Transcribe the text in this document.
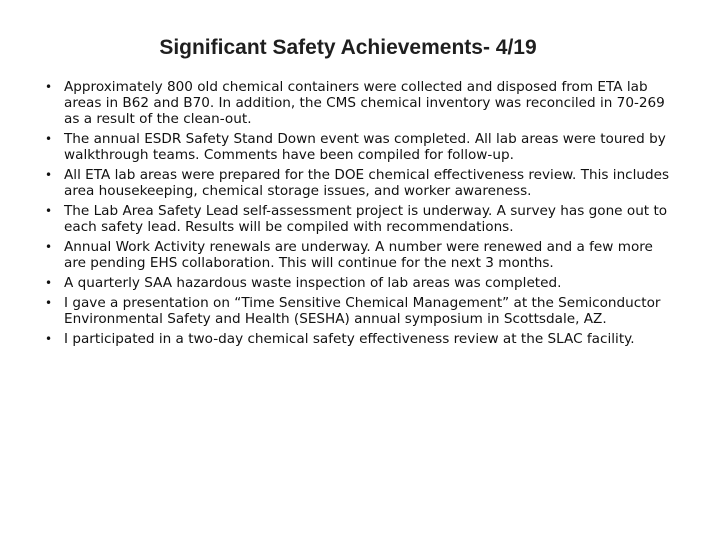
Significant Safety Achievements- 4/19
• Approximately 800 old chemical containers were collected and disposed from ETA lab areas in B62 and B70. In addition, the CMS chemical inventory was reconciled in 70-269 as a result of the clean-out.
• The annual ESDR Safety Stand Down event was completed. All lab areas were toured by walkthrough teams. Comments have been compiled for follow-up.
• All ETA lab areas were prepared for the DOE chemical effectiveness review. This includes area housekeeping, chemical storage issues, and worker awareness.
• The Lab Area Safety Lead self-assessment project is underway. A survey has gone out to each safety lead. Results will be compiled with recommendations.
• Annual Work Activity renewals are underway. A number were renewed and a few more are pending EHS collaboration. This will continue for the next 3 months.
• A quarterly SAA hazardous waste inspection of lab areas was completed.
• I gave a presentation on “Time Sensitive Chemical Management” at the Semiconductor Environmental Safety and Health (SESHA) annual symposium in Scottsdale, AZ.
• I participated in a two-day chemical safety effectiveness review at the SLAC facility.
